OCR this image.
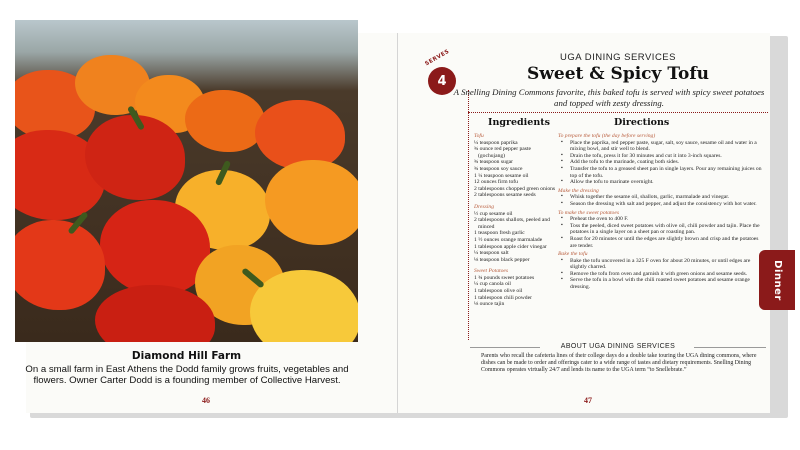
Diamond Hill Farm
On a small farm in East Athens the Dodd family grows fruits, vegetables and flowers. Owner Carter Dodd is a founding member of Collective Harvest.
46
SERVES
4
UGA DINING SERVICES
Sweet & Spicy Tofu
A Snelling Dining Commons favorite, this baked tofu is served with spicy sweet potatoes and topped with zesty dressing.
Ingredients	Directions
Tofu
¼ teaspoon paprika
¾ ounce red pepper paste (gochujang)
¾ teaspoon sugar
¾ teaspoon soy sauce
1 ¼ teaspoon sesame oil
12 ounces firm tofu
2 tablespoons chopped green onions
2 tablespoons sesame seeds
Dressing
½ cup sesame oil
2 tablespoons shallots, peeled and minced
1 teaspoon fresh garlic
1 ½ ounces orange marmalade
1 tablespoon apple cider vinegar
¼ teaspoon salt
⅛ teaspoon black pepper
Sweet Potatoes
1 ¾ pounds sweet potatoes
¼ cup canola oil
1 tablespoon olive oil
1 tablespoon chili powder
⅛ ounce tajin
To prepare the tofu (the day before serving)
▪ Place the paprika, red pepper paste, sugar, salt, soy sauce, sesame oil and water in a mixing bowl, and stir well to blend.
▪ Drain the tofu, press it for 30 minutes and cut it into 3-inch squares.
▪ Add the tofu to the marinade, coating both sides.
▪ Transfer the tofu to a greased sheet pan in single layers. Pour any remaining juices on top of the tofu.
▪ Allow the tofu to marinate overnight.
Make the dressing
▪ Whisk together the sesame oil, shallots, garlic, marmalade and vinegar.
▪ Season the dressing with salt and pepper, and adjust the consistency with hot water.
To make the sweet potatoes
▪ Preheat the oven to 400 F.
▪ Toss the peeled, diced sweet potatoes with olive oil, chili powder and tajin. Place the potatoes in a single layer on a sheet pan or roasting pan.
▪ Roast for 20 minutes or until the edges are slightly brown and crisp and the potatoes are tender.
Bake the tofu
▪ Bake the tofu uncovered in a 325 F oven for about 20 minutes, or until edges are slightly charred.
▪ Remove the tofu from oven and garnish it with green onions and sesame seeds.
▪ Serve the tofu in a bowl with the chili roasted sweet potatoes and sesame orange dressing.
ABOUT UGA DINING SERVICES
Parents who recall the cafeteria lines of their college days do a double take touring the UGA dining commons, where dishes can be made to order and offerings cater to a wide range of tastes and dietary requirements. Snelling Dining Commons operates virtually 24/7 and lends its name to the UGA term “to Snellebrate.”
47
Dinner
